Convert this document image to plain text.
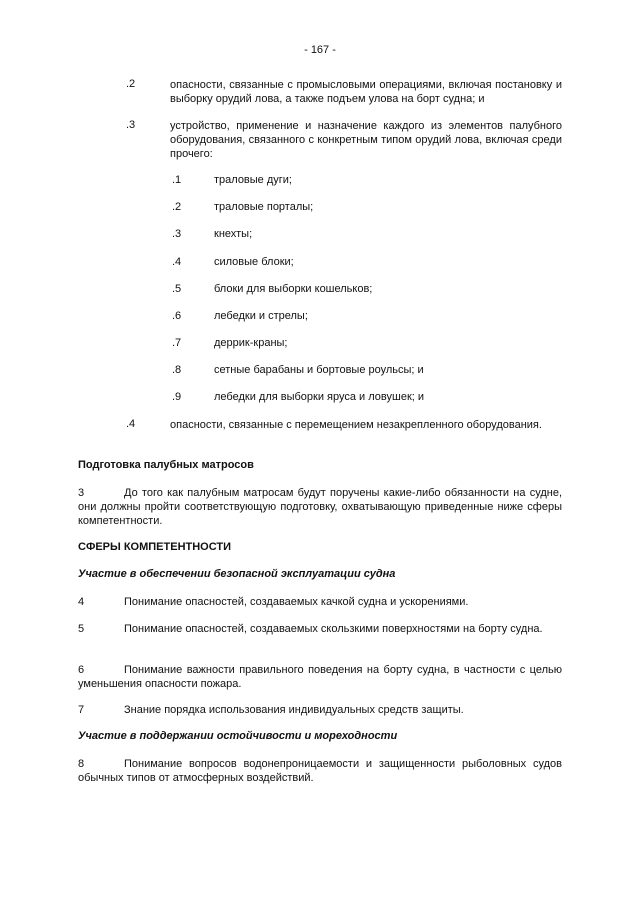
- 167 -
.2	опасности, связанные с промысловыми операциями, включая постановку и выборку орудий лова, а также подъем улова на борт судна; и
.3	устройство, применение и назначение каждого из элементов палубного оборудования, связанного с конкретным типом орудий лова, включая среди прочего:
.1	траловые дуги;
.2	траловые порталы;
.3	кнехты;
.4	силовые блоки;
.5	блоки для выборки кошельков;
.6	лебедки и стрелы;
.7	деррик-краны;
.8	сетные барабаны и бортовые роульсы; и
.9	лебедки для выборки яруса и ловушек; и
.4	опасности, связанные с перемещением незакрепленного оборудования.
Подготовка палубных матросов
3	До того как палубным матросам будут поручены какие-либо обязанности на судне, они должны пройти соответствующую подготовку, охватывающую приведенные ниже сферы компетентности.
СФЕРЫ КОМПЕТЕНТНОСТИ
Участие в обеспечении безопасной эксплуатации судна
4	Понимание опасностей, создаваемых качкой судна и ускорениями.
5	Понимание опасностей, создаваемых скользкими поверхностями на борту судна.
6	Понимание важности правильного поведения на борту судна, в частности с целью уменьшения опасности пожара.
7	Знание порядка использования индивидуальных средств защиты.
Участие в поддержании остойчивости и мореходности
8	Понимание вопросов водонепроницаемости и защищенности рыболовных судов обычных типов от атмосферных воздействий.
